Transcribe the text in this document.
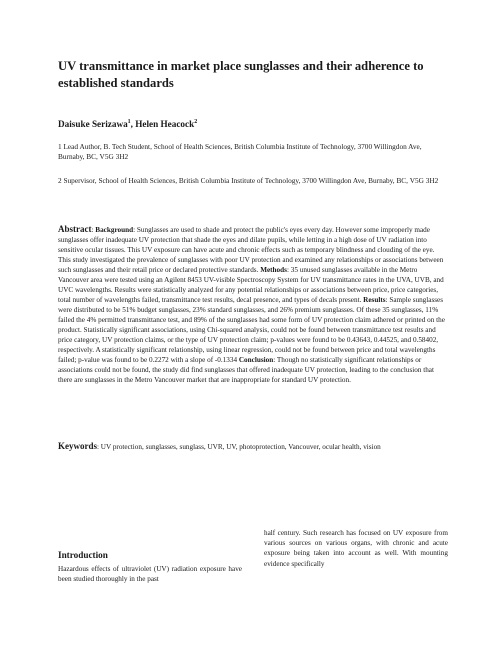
UV transmittance in market place sunglasses and their adherence to established standards

Daisuke Serizawa$^1$, Helen Heacock$^2$

1 Lead Author, B. Tech Student, School of Health Sciences, British Columbia Institute of Technology, 3700 Willingdon Ave, Burnaby, BC, V5G 3H2

2 Supervisor, School of Health Sciences, British Columbia Institute of Technology, 3700 Willingdon Ave, Burnaby, BC, V5G 3H2

Abstract: Background: Sunglasses are used to shade and protect the public's eyes every day. However some improperly made sunglasses offer inadequate UV protection that shade the eyes and dilate pupils, while letting in a high dose of UV radiation into sensitive ocular tissues. This UV exposure can have acute and chronic effects such as temporary blindness and clouding of the eye. This study investigated the prevalence of sunglasses with poor UV protection and examined any relationships or associations between such sunglasses and their retail price or declared protective standards. Methods: 35 unused sunglasses available in the Metro Vancouver area were tested using an Agilent 8453 UV-visible Spectroscopy System for UV transmittance rates in the UVA, UVB, and UVC wavelengths. Results were statistically analyzed for any potential relationships or associations between price, price categories, total number of wavelengths failed, transmittance test results, decal presence, and types of decals present. Results: Sample sunglasses were distributed to be 51% budget sunglasses, 23% standard sunglasses, and 26% premium sunglasses. Of these 35 sunglasses, 11% failed the 4% permitted transmittance test, and 89% of the sunglasses had some form of UV protection claim adhered or printed on the product. Statistically significant associations, using Chi-squared analysis, could not be found between transmittance test results and price category, UV protection claims, or the type of UV protection claim; p-values were found to be 0.43643, 0.44525, and 0.58402, respectively. A statistically significant relationship, using linear regression, could not be found between price and total wavelengths failed; p-value was found to be 0.2272 with a slope of -0.1334 Conclusion: Though no statistically significant relationships or associations could not be found, the study did find sunglasses that offered inadequate UV protection, leading to the conclusion that there are sunglasses in the Metro Vancouver market that are inappropriate for standard UV protection.

Keywords: UV protection, sunglasses, sunglass, UVR, UV, photoprotection, Vancouver, ocular health, vision

Introduction

Hazardous effects of ultraviolet (UV) radiation exposure have been studied thoroughly in the past

half century. Such research has focused on UV exposure from various sources on various organs, with chronic and acute exposure being taken into account as well. With mounting evidence specifically
